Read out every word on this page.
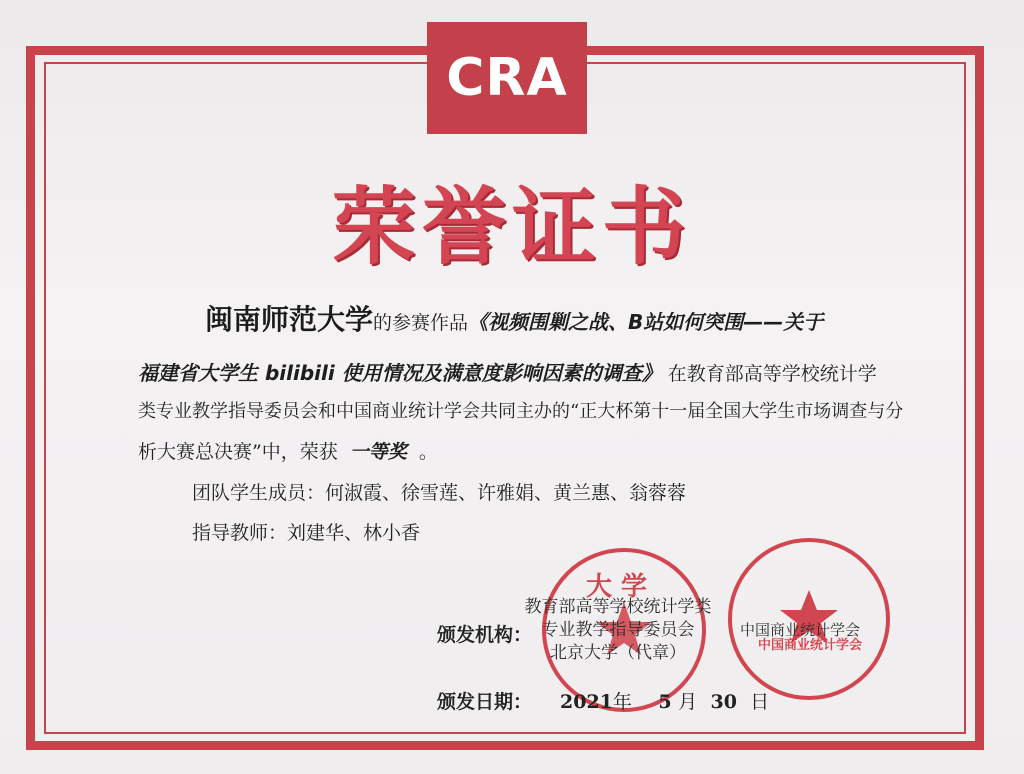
CRA
荣誉证书
闽南师范大学的参赛作品《视频围剿之战、B站如何突围——关于
福建省大学生 bilibili 使用情况及满意度影响因素的调查》 在教育部高等学校统计学
类专业教学指导委员会和中国商业统计学会共同主办的“正大杯第十一届全国大学生市场调查与分
析大赛总决赛”中，荣获 一等奖 。
团队学生成员：何淑霞、徐雪莲、许雅娟、黄兰惠、翁蓉蓉
指导教师：刘建华、林小香
大 学
中国商业统计学会
颁发机构：
教育部高等学校统计学类
专业教学指导委员会
北京大学（代章）
中国商业统计学会
颁发日期： 2021年 5 月 30 日
